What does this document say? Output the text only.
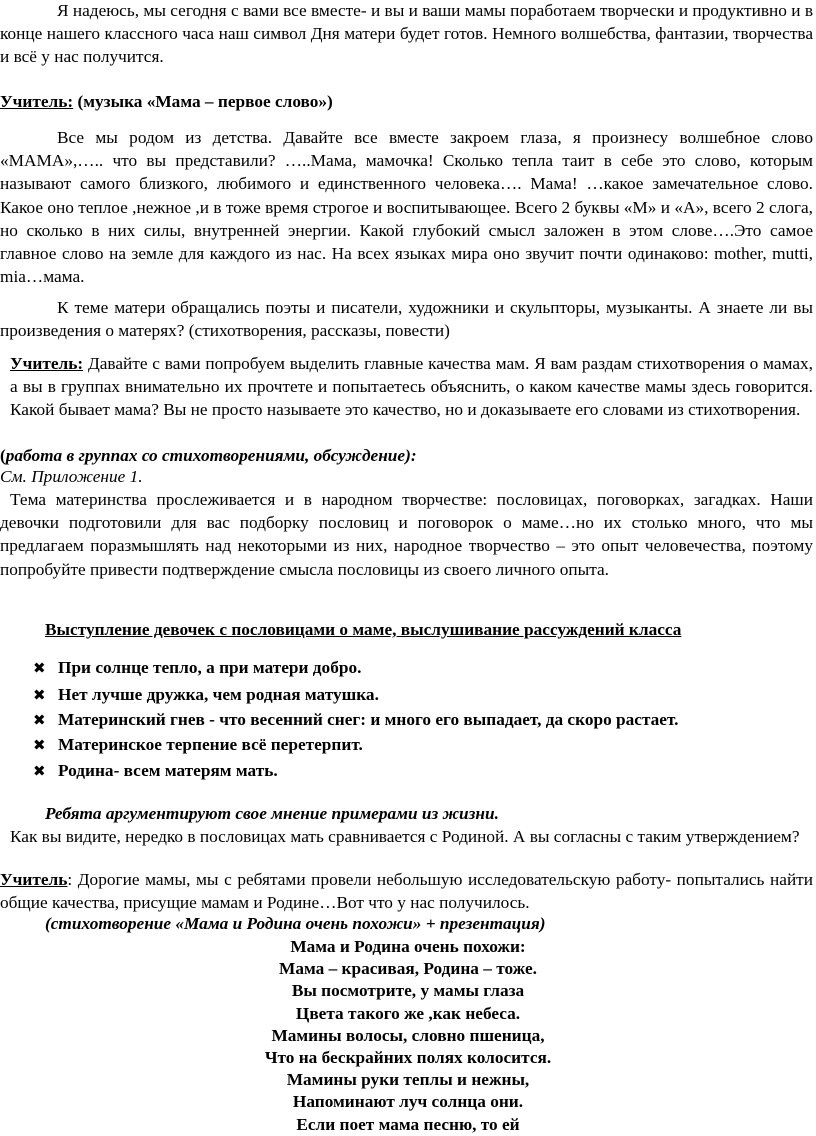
Я надеюсь, мы сегодня с вами все вместе- и вы и ваши мамы поработаем творчески и продуктивно и в конце нашего классного часа наш символ Дня матери будет готов. Немного волшебства, фантазии, творчества и всё у нас получится.

Учитель: (музыка «Мама – первое слово»)

Все мы родом из детства. Давайте все вместе закроем глаза, я произнесу волшебное слово «МАМА»,….. что вы представили? …..Мама, мамочка! Сколько тепла таит в себе это слово, которым называют самого близкого, любимого и единственного человека…. Мама! …какое замечательное слово. Какое оно теплое ,нежное ,и в тоже время строгое и воспитывающее. Всего 2 буквы «М» и «А», всего 2 слога, но сколько в них силы, внутренней энергии. Какой глубокий смысл заложен в этом слове….Это самое главное слово на земле для каждого из нас. На всех языках мира оно звучит почти одинаково: mother, mutti, mia…мама.

К теме матери обращались поэты и писатели, художники и скульпторы, музыканты. А знаете ли вы произведения о матерях? (стихотворения, рассказы, повести)

Учитель: Давайте с вами попробуем выделить главные качества мам. Я вам раздам стихотворения о мамах, а вы в группах внимательно их прочтете и попытаетесь объяснить, о каком качестве мамы здесь говорится. Какой бывает мама? Вы не просто называете это качество, но и доказываете его словами из стихотворения.

(работа в группах со стихотворениями, обсуждение):

См. Приложение 1.

Тема материнства прослеживается и в народном творчестве: пословицах, поговорках, загадках. Наши девочки подготовили для вас подборку пословиц и поговорок о маме…но их столько много, что мы предлагаем поразмышлять над некоторыми из них, народное творчество – это опыт человечества, поэтому попробуйте привести подтверждение смысла пословицы из своего личного опыта.

Выступление девочек с пословицами о маме, выслушивание рассуждений класса

✖ При солнце тепло, а при матери добро.

✖ Нет лучше дружка, чем родная матушка.

✖ Материнский гнев - что весенний снег: и много его выпадает, да скоро растает.

✖ Материнское терпение всё перетерпит.

✖ Родина- всем матерям мать.

Ребята аргументируют свое мнение примерами из жизни.

Как вы видите, нередко в пословицах мать сравнивается с Родиной. А вы согласны с таким утверждением?

Учитель: Дорогие мамы, мы с ребятами провели небольшую исследовательскую работу- попытались найти общие качества, присущие мамам и Родине…Вот что у нас получилось.

(стихотворение «Мама и Родина очень похожи» + презентация)

Мама и Родина очень похожи:
Мама – красивая, Родина – тоже.
Вы посмотрите, у мамы глаза
Цвета такого же ,как небеса.
Мамины волосы, словно пшеница,
Что на бескрайних полях колосится.
Мамины руки теплы и нежны,
Напоминают луч солнца они.
Если поет мама песню, то ей
